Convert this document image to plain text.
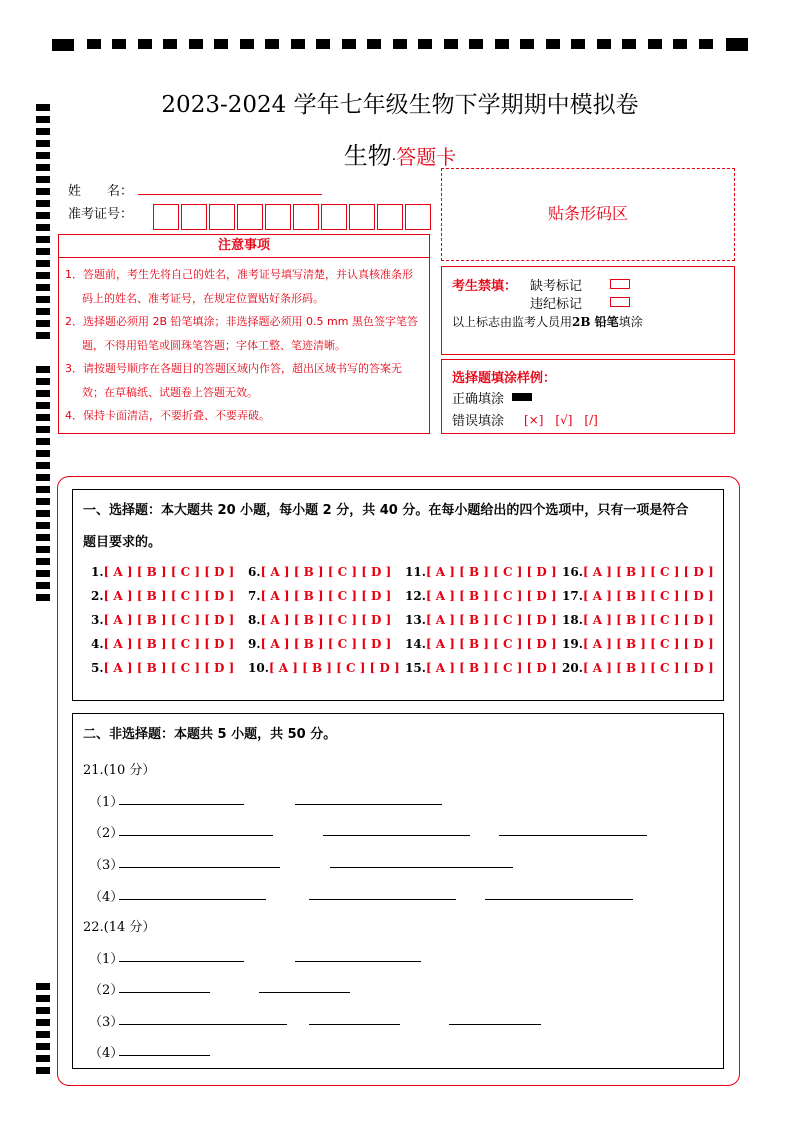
2023-2024 学年七年级生物下学期期中模拟卷
生物·答题卡
姓　　名：
准考证号：
注意事项
1．答题前，考生先将自己的姓名，准考证号填写清楚，并认真核准条形码上的姓名、准考证号，在规定位置贴好条形码。
2．选择题必须用 2B 铅笔填涂；非选择题必须用 0.5 mm 黑色签字笔答题，不得用铅笔或圆珠笔答题；字体工整、笔迹清晰。
3．请按题号顺序在各题目的答题区域内作答，超出区域书写的答案无效；在草稿纸、试题卷上答题无效。
4．保持卡面清洁，不要折叠、不要弄破。
贴条形码区
考生禁填： 缺考标记
违纪标记
以上标志由监考人员用2B 铅笔填涂
选择题填涂样例：
正确填涂
错误填涂 [×]　[√]　[/]
一、选择题：本大题共 20 小题，每小题 2 分，共 40 分。在每小题给出的四个选项中，只有一项是符合
题目要求的。
1.[ A ] [ B ] [ C ] [ D ]
2.[ A ] [ B ] [ C ] [ D ]
3.[ A ] [ B ] [ C ] [ D ]
4.[ A ] [ B ] [ C ] [ D ]
5.[ A ] [ B ] [ C ] [ D ]
6.[ A ] [ B ] [ C ] [ D ]
7.[ A ] [ B ] [ C ] [ D ]
8.[ A ] [ B ] [ C ] [ D ]
9.[ A ] [ B ] [ C ] [ D ]
10.[ A ] [ B ] [ C ] [ D ]
11.[ A ] [ B ] [ C ] [ D ]
12.[ A ] [ B ] [ C ] [ D ]
13.[ A ] [ B ] [ C ] [ D ]
14.[ A ] [ B ] [ C ] [ D ]
15.[ A ] [ B ] [ C ] [ D ]
16.[ A ] [ B ] [ C ] [ D ]
17.[ A ] [ B ] [ C ] [ D ]
18.[ A ] [ B ] [ C ] [ D ]
19.[ A ] [ B ] [ C ] [ D ]
20.[ A ] [ B ] [ C ] [ D ]
二、非选择题：本题共 5 小题，共 50 分。
21.(10 分）
（1）
（2）
（3）
（4）
22.(14 分）
（1）
（2）
（3）
（4）
